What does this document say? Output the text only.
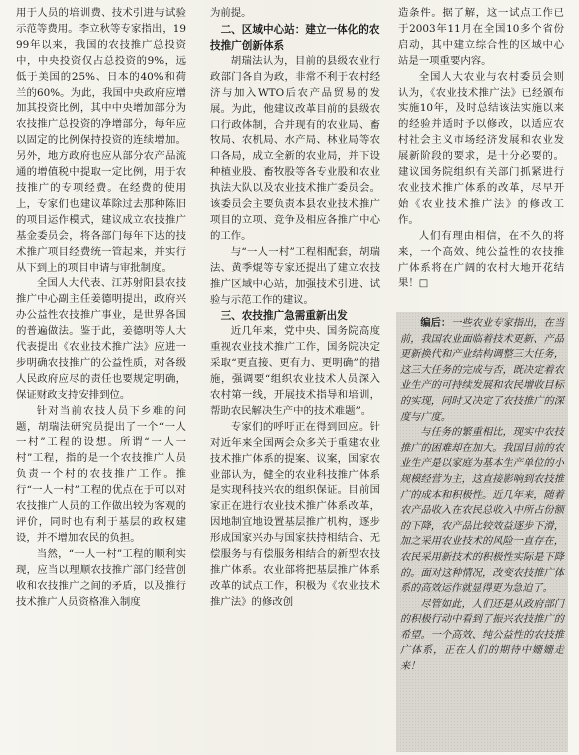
用于人员的培训费、技术引进与试验示范等费用。李立秋等专家指出，1999年以来，我国的农技推广总投资中，中央投资仅占总投资的9%，远低于美国的25%、日本的40%和荷兰的60%。为此，我国中央政府应增加其投资比例，其中中央增加部分为农技推广总投资的净增部分，每年应以固定的比例保持投资的连续增加。另外，地方政府也应从部分农产品流通的增值税中提取一定比例，用于农技推广的专项经费。在经费的使用上，专家们也建议革除过去那种陈旧的项目运作模式，建议成立农技推广基金委员会，将各部门每年下达的技术推广项目经费统一管起来，并实行从下到上的项目申请与审批制度。

全国人大代表、江苏射阳县农技推广中心副主任姜德明提出，政府兴办公益性农技推广事业，是世界各国的普遍做法。鉴于此，姜德明等人大代表提出《农业技术推广法》应进一步明确农技推广的公益性质，对各级人民政府应尽的责任也要规定明确，保证财政支持安排到位。

针对当前农技人员下乡难的问题，胡瑞法研究员提出了一个“一人一村”工程的设想。所谓“一人一村”工程，指的是一个农技推广人员负责一个村的农技推广工作。推行“一人一村”工程的优点在于可以对农技推广人员的工作做出较为客观的评价，同时也有利于基层的政权建设，并不增加农民的负担。

当然，“一人一村”工程的顺利实现，应当以理顺农技推广部门经营创收和农技推广之间的矛盾，以及推行技术推广人员资格准入制度

为前提。

二、区域中心站：建立一体化的农技推广创新体系

胡瑞法认为，目前的县级农业行政部门各自为政，非常不利于农村经济与加入WTO后农产品贸易的发展。为此，他建议改革目前的县级农口行政体制，合并现有的农业局、畜牧局、农机局、水产局、林业局等农口各局，成立全新的农业局，并下设种植业股、畜牧股等各专业股和农业执法大队以及农业技术推广委员会。该委员会主要负责本县农业技术推广项目的立项、竞争及相应各推广中心的工作。

与“一人一村”工程相配套，胡瑞法、黄季焜等专家还提出了建立农技推广区域中心站，加强技术引进、试验与示范工作的建议。

三、农技推广急需重新出发

近几年来，党中央、国务院高度重视农业技术推广工作，国务院决定采取“更直接、更有力、更明确”的措施，强调要“组织农业技术人员深入农村第一线，开展技术指导和培训，帮助农民解决生产中的技术难题”。

专家们的呼吁正在得到回应。针对近年来全国两会众多关于重建农业技术推广体系的提案、议案，国家农业部认为，健全的农业科技推广体系是实现科技兴农的组织保证。目前国家正在进行农业技术推广体系改革，因地制宜地设置基层推广机构，逐步形成国家兴办与国家扶持相结合、无偿服务与有偿服务相结合的新型农技推广体系。农业部将把基层推广体系改革的试点工作，积极为《农业技术推广法》的修改创

造条件。据了解，这一试点工作已于2003年11月在全国10多个省份启动，其中建立综合性的区域中心站是一项重要内容。

全国人大农业与农村委员会则认为，《农业技术推广法》已经颁布实施10年，及时总结该法实施以来的经验并适时予以修改，以适应农村社会主义市场经济发展和农业发展新阶段的要求，是十分必要的。建议国务院组织有关部门抓紧进行农业技术推广体系的改革，尽早开始《农业技术推广法》的修改工作。

人们有理由相信，在不久的将来，一个高效、纯公益性的农技推广体系将在广阔的农村大地开花结果！□

编后：一些农业专家指出，在当前，我国农业面临着技术更新、产品更新换代和产业结构调整三大任务，这三大任务的完成与否，既决定着农业生产的可持续发展和农民增收目标的实现，同时又决定了农技推广的深度与广度。

与任务的繁重相比，现实中农技推广的困难却在加大。我国目前的农业生产是以家庭为基本生产单位的小规模经营为主，这直接影响到农技推广的成本和积极性。近几年来，随着农产品收入在农民总收入中所占份额的下降，农产品比较效益逐步下滑，加之采用农业技术的风险一直存在，农民采用新技术的积极性实际是下降的。面对这种情况，改变农技推广体系的高效运作就显得更为急迫了。

尽管如此，人们还是从政府部门的积极行动中看到了振兴农技推广的希望。一个高效、纯公益性的农技推广体系，正在人们的期待中姗姗走来！
